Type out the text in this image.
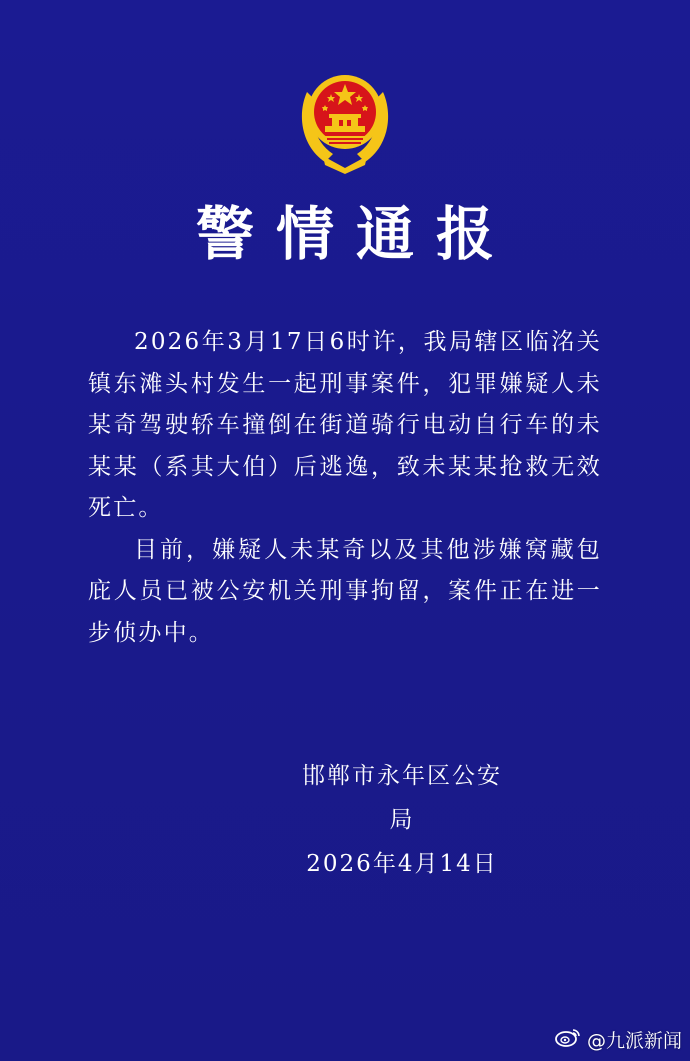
警情通报

2026年3月17日6时许，我局辖区临洺关镇东滩头村发生一起刑事案件，犯罪嫌疑人未某奇驾驶轿车撞倒在街道骑行电动自行车的未某某（系其大伯）后逃逸，致未某某抢救无效死亡。

目前，嫌疑人未某奇以及其他涉嫌窝藏包庇人员已被公安机关刑事拘留，案件正在进一步侦办中。

邯郸市永年区公安局
2026年4月14日
@九派新闻
